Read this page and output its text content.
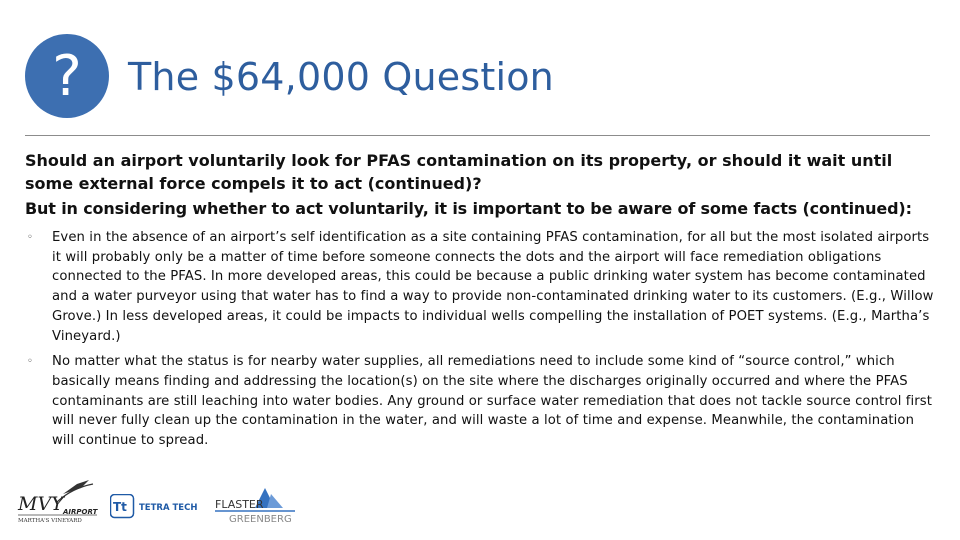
? The $64,000 Question

Should an airport voluntarily look for PFAS contamination on its property, or should it wait until some external force compels it to act (continued)?

But in considering whether to act voluntarily, it is important to be aware of some facts (continued):

◦ Even in the absence of an airport’s self identification as a site containing PFAS contamination, for all but the most isolated airports it will probably only be a matter of time before someone connects the dots and the airport will face remediation obligations connected to the PFAS. In more developed areas, this could be because a public drinking water system has become contaminated and a water purveyor using that water has to find a way to provide non-contaminated drinking water to its customers. (E.g., Willow Grove.) In less developed areas, it could be impacts to individual wells compelling the installation of POET systems. (E.g., Martha’s Vineyard.)
◦ No matter what the status is for nearby water supplies, all remediations need to include some kind of “source control,” which basically means finding and addressing the location(s) on the site where the discharges originally occurred and where the PFAS contaminants are still leaching into water bodies. Any ground or surface water remediation that does not tackle source control first will never fully clean up the contamination in the water, and will waste a lot of time and expense. Meanwhile, the contamination will continue to spread.
MVY AIRPORT
MARTHA'S VINEYARD
Tt TETRA TECH FLASTER
GREENBERG
